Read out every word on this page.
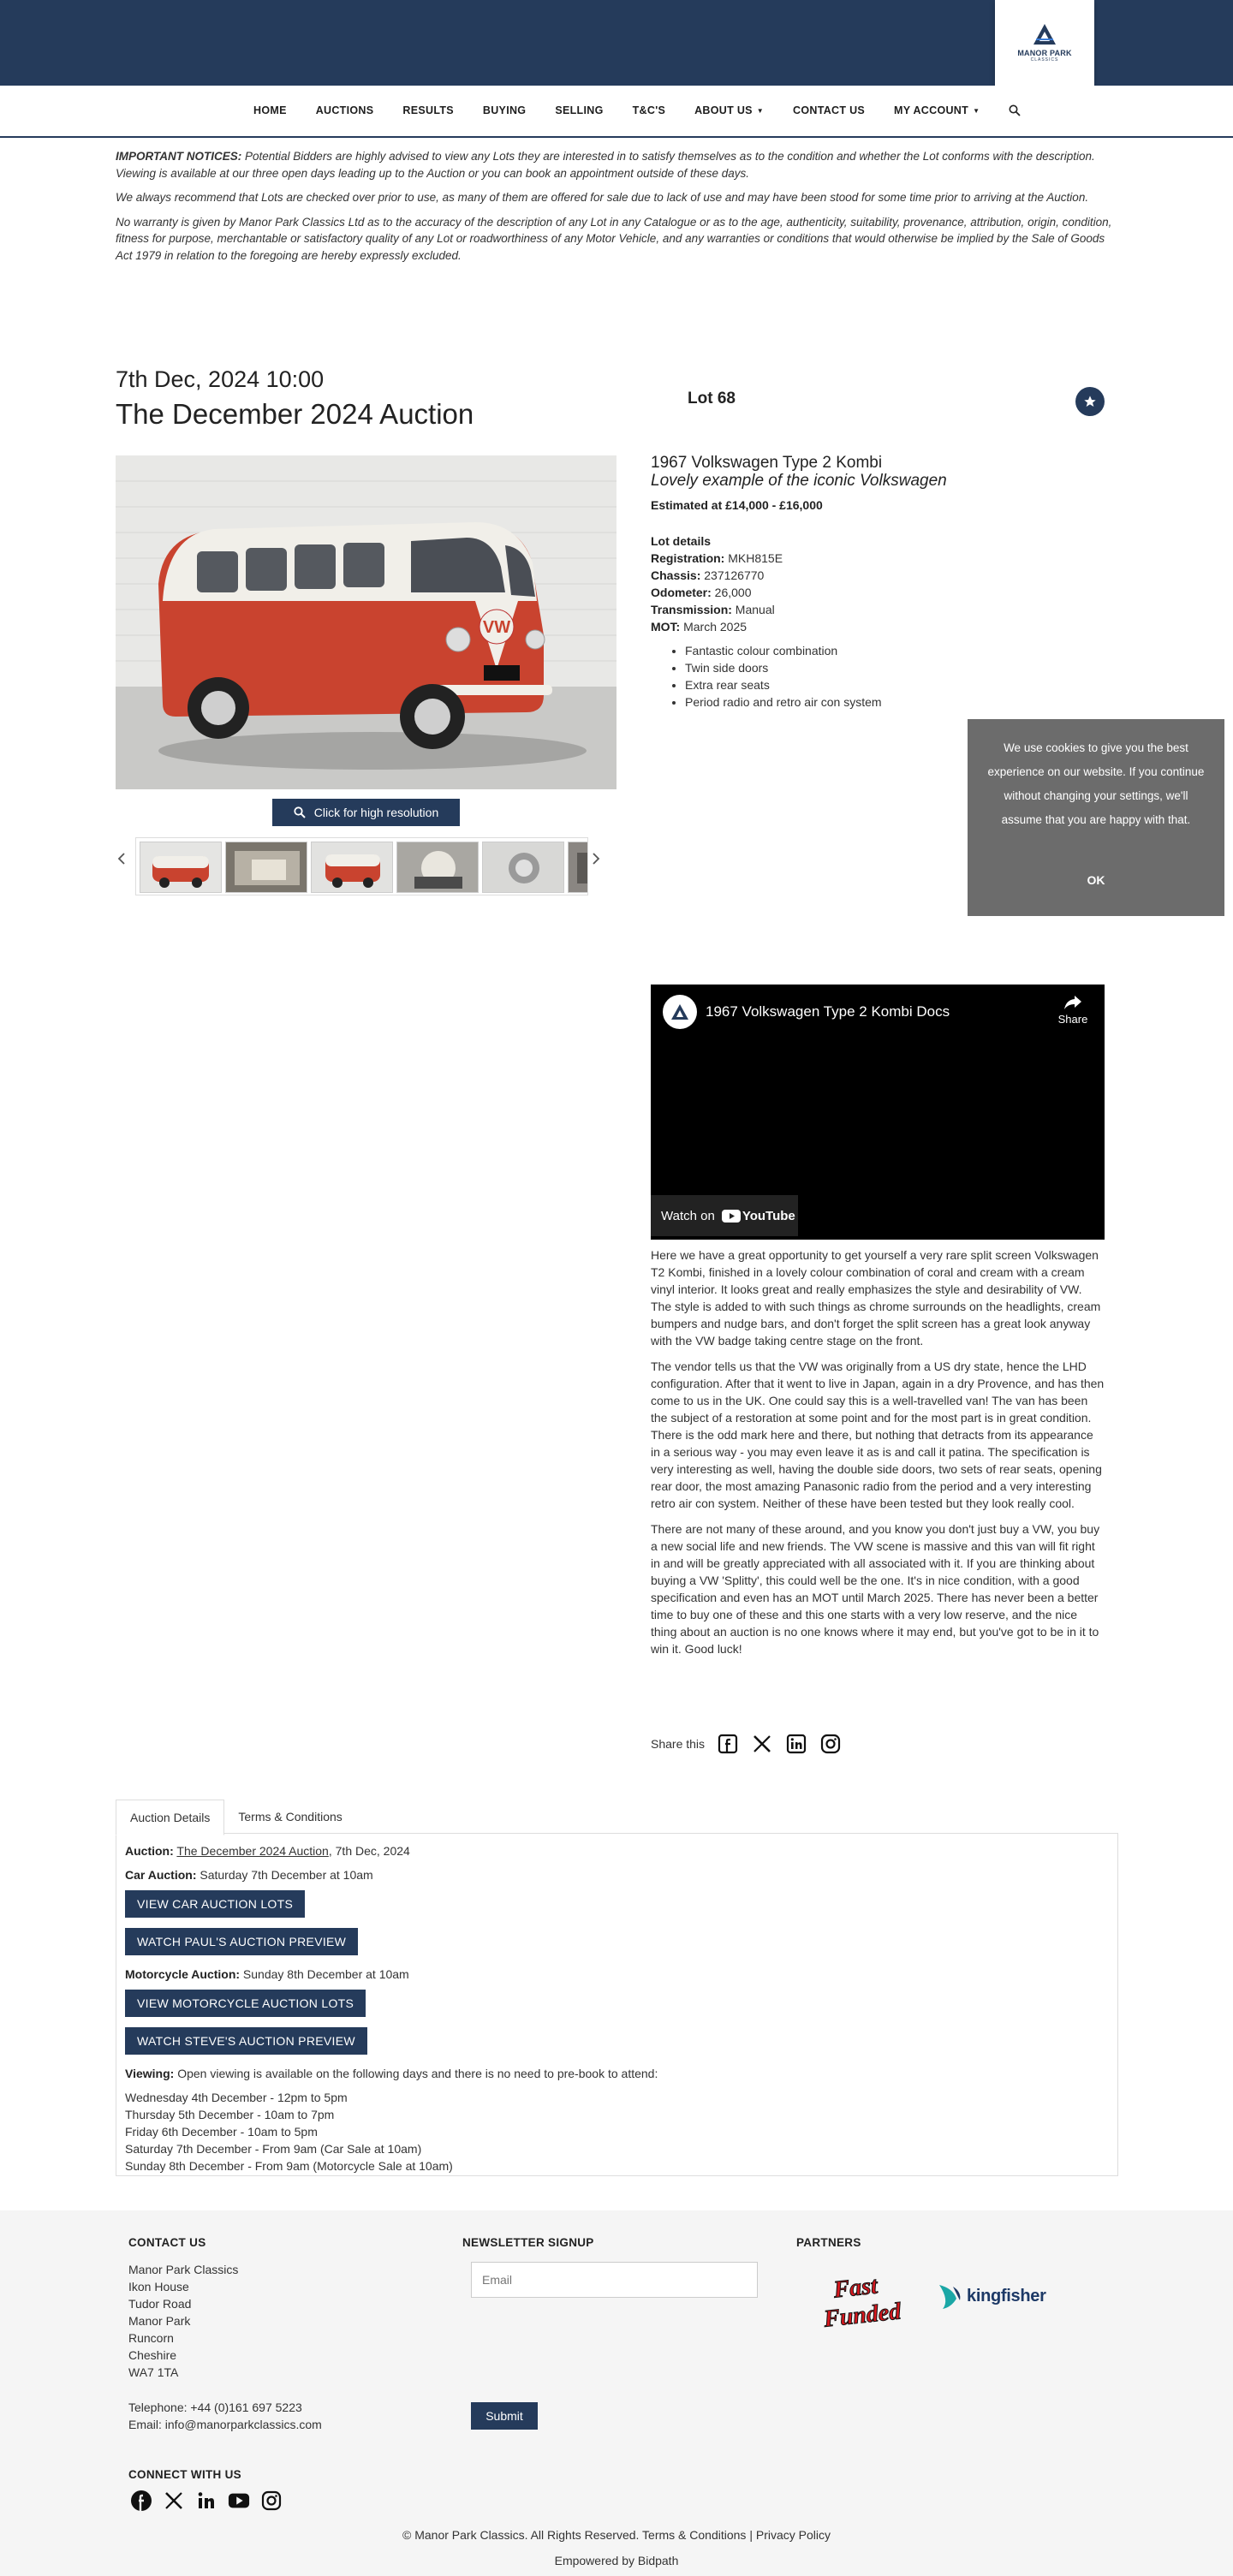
MANOR PARK
CLASSICS
HOME	AUCTIONS	RESULTS	BUYING	SELLING	T&C'S	ABOUT US ▼	CONTACT US	MY ACCOUNT ▼

IMPORTANT NOTICES: Potential Bidders are highly advised to view any Lots they are interested in to satisfy themselves as to the condition and whether the Lot conforms with the description. Viewing is available at our three open days leading up to the Auction or you can book an appointment outside of these days.

We always recommend that Lots are checked over prior to use, as many of them are offered for sale due to lack of use and may have been stood for some time prior to arriving at the Auction.

No warranty is given by Manor Park Classics Ltd as to the accuracy of the description of any Lot in any Catalogue or as to the age, authenticity, suitability, provenance, attribution, origin, condition, fitness for purpose, merchantable or satisfactory quality of any Lot or roadworthiness of any Motor Vehicle, and any warranties or conditions that would otherwise be implied by the Sale of Goods Act 1979 in relation to the foregoing are hereby expressly excluded.

7th Dec, 2024 10:00
The December 2024 Auction	Lot 68
VW
Click for high resolution
1967 Volkswagen Type 2 Kombi
Lovely example of the iconic Volkswagen
Estimated at £14,000 - £16,000
Lot details
Registration: MKH815E
Chassis: 237126770
Odometer: 26,000
Transmission: Manual
MOT: March 2025
• Fantastic colour combination
• Twin side doors
• Extra rear seats
• Period radio and retro air con system
We use cookies to give you the best experience on our website. If you continue without changing your settings, we'll assume that you are happy with that.
OK
1967 Volkswagen Type 2 Kombi Docs	Share
Watch on YouTube

Here we have a great opportunity to get yourself a very rare split screen Volkswagen T2 Kombi, finished in a lovely colour combination of coral and cream with a cream vinyl interior. It looks great and really emphasizes the style and desirability of VW. The style is added to with such things as chrome surrounds on the headlights, cream bumpers and nudge bars, and don't forget the split screen has a great look anyway with the VW badge taking centre stage on the front.

The vendor tells us that the VW was originally from a US dry state, hence the LHD configuration. After that it went to live in Japan, again in a dry Provence, and has then come to us in the UK. One could say this is a well-travelled van! The van has been the subject of a restoration at some point and for the most part is in great condition. There is the odd mark here and there, but nothing that detracts from its appearance in a serious way - you may even leave it as is and call it patina. The specification is very interesting as well, having the double side doors, two sets of rear seats, opening rear door, the most amazing Panasonic radio from the period and a very interesting retro air con system. Neither of these have been tested but they look really cool.

There are not many of these around, and you know you don't just buy a VW, you buy a new social life and new friends. The VW scene is massive and this van will fit right in and will be greatly appreciated with all associated with it. If you are thinking about buying a VW 'Splitty', this could well be the one. It's in nice condition, with a good specification and even has an MOT until March 2025. There has never been a better time to buy one of these and this one starts with a very low reserve, and the nice thing about an auction is no one knows where it may end, but you've got to be in it to win it. Good luck!

Share this
Auction Details	Terms & Conditions
Auction: The December 2024 Auction, 7th Dec, 2024
Car Auction: Saturday 7th December at 10am
VIEW CAR AUCTION LOTS
WATCH PAUL'S AUCTION PREVIEW
Motorcycle Auction: Sunday 8th December at 10am
VIEW MOTORCYCLE AUCTION LOTS
WATCH STEVE'S AUCTION PREVIEW
Viewing: Open viewing is available on the following days and there is no need to pre-book to attend:
Wednesday 4th December - 12pm to 5pm
Thursday 5th December - 10am to 7pm
Friday 6th December - 10am to 5pm
Saturday 7th December - From 9am (Car Sale at 10am)
Sunday 8th December - From 9am (Motorcycle Sale at 10am)
CONTACT US
Manor Park Classics
Ikon House
Tudor Road
Manor Park
Runcorn
Cheshire
WA7 1TA
Telephone: +44 (0)161 697 5223
Email: info@manorparkclassics.com
NEWSLETTER SIGNUP
Email
Submit
PARTNERS
Fast
Funded
kingfisher
CONNECT WITH US
© Manor Park Classics. All Rights Reserved. Terms & Conditions | Privacy Policy
Empowered by Bidpath
